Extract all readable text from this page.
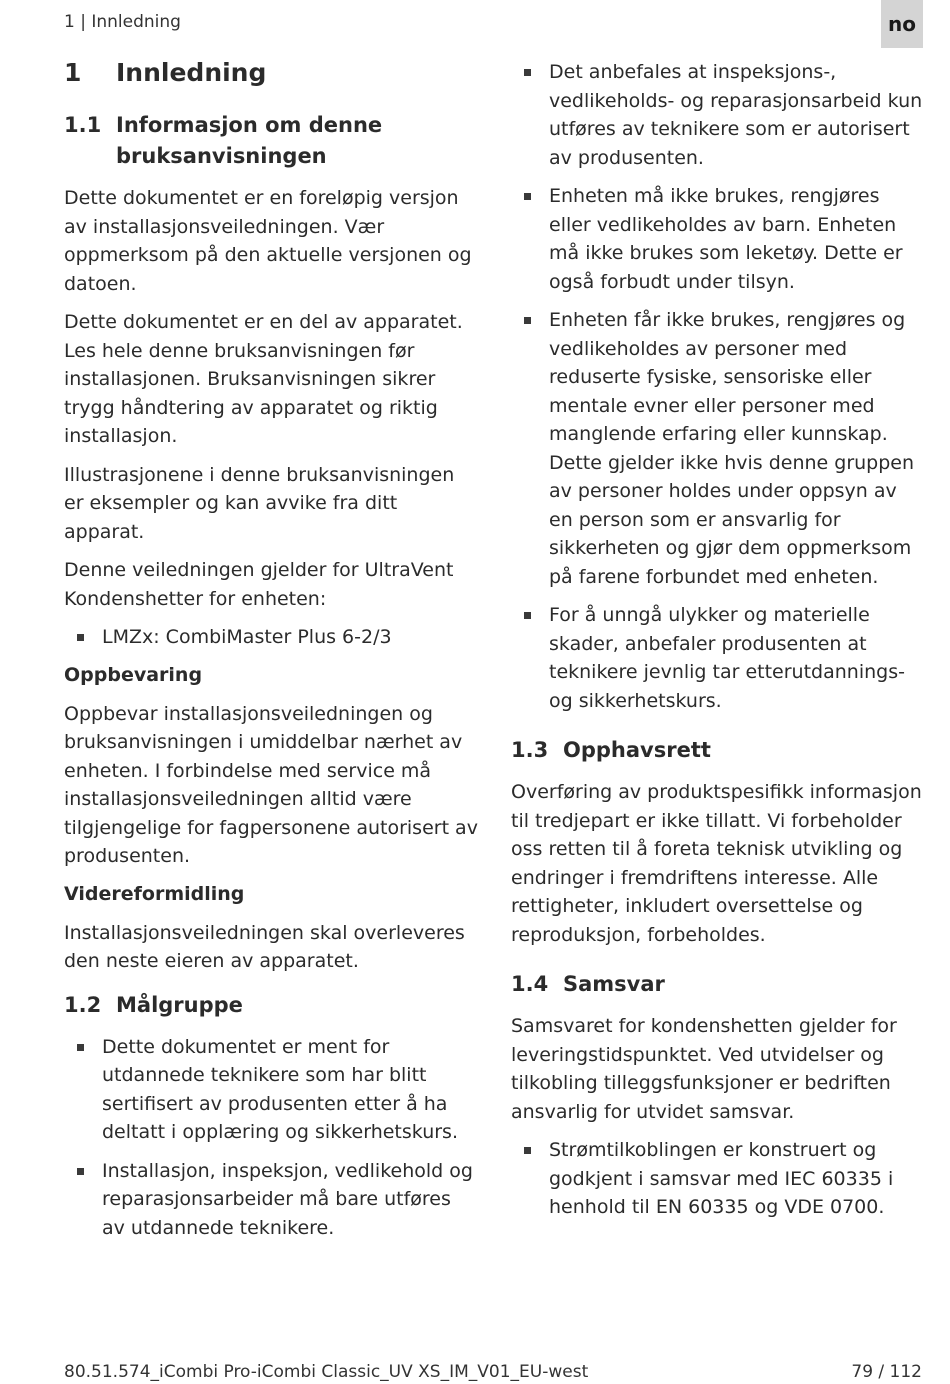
1 | Innledning	no
1	Innledning
1.1 Informasjon om denne bruksanvisningen

Dette dokumentet er en foreløpig versjon av installasjonsveiledningen. Vær oppmerksom på den aktuelle versjonen og datoen.

Dette dokumentet er en del av apparatet. Les hele denne bruksanvisningen før installasjonen. Bruksanvisningen sikrer trygg håndtering av apparatet og riktig installasjon.

Illustrasjonene i denne bruksanvisningen er eksempler og kan avvike fra ditt apparat.

Denne veiledningen gjelder for UltraVent Kondenshetter for enheten:

LMZx: CombiMaster Plus 6-2/3
Oppbevaring

Oppbevar installasjonsveiledningen og bruksanvisningen i umiddelbar nærhet av enheten. I forbindelse med service må installasjonsveiledningen alltid være tilgjengelige for fagpersonene autorisert av produsenten.

Videreformidling

Installasjonsveiledningen skal overleveres den neste eieren av apparatet.

1.2 Målgruppe
Dette dokumentet er ment for utdannede teknikere som har blitt sertifisert av produsenten etter å ha deltatt i opplæring og sikkerhetskurs.
Installasjon, inspeksjon, vedlikehold og reparasjonsarbeider må bare utføres av utdannede teknikere.
Det anbefales at inspeksjons-, vedlikeholds- og reparasjonsarbeid kun utføres av teknikere som er autorisert av produsenten.
Enheten må ikke brukes, rengjøres eller vedlikeholdes av barn. Enheten må ikke brukes som leketøy. Dette er også forbudt under tilsyn.
Enheten får ikke brukes, rengjøres og vedlikeholdes av personer med reduserte fysiske, sensoriske eller mentale evner eller personer med manglende erfaring eller kunnskap. Dette gjelder ikke hvis denne gruppen av personer holdes under oppsyn av en person som er ansvarlig for sikkerheten og gjør dem oppmerksom på farene forbundet med enheten.
For å unngå ulykker og materielle skader, anbefaler produsenten at teknikere jevnlig tar etterutdannings- og sikkerhetskurs.
1.3 Opphavsrett

Overføring av produktspesifikk informasjon til tredjepart er ikke tillatt. Vi forbeholder oss retten til å foreta teknisk utvikling og endringer i fremdriftens interesse. Alle rettigheter, inkludert oversettelse og reproduksjon, forbeholdes.

1.4 Samsvar

Samsvaret for kondenshetten gjelder for leveringstidspunktet. Ved utvidelser og tilkobling tilleggsfunksjoner er bedriften ansvarlig for utvidet samsvar.

Strømtilkoblingen er konstruert og godkjent i samsvar med IEC 60335 i henhold til EN 60335 og VDE 0700.
80.51.574_iCombi Pro-iCombi Classic_UV XS_IM_V01_EU-west	79 / 112
